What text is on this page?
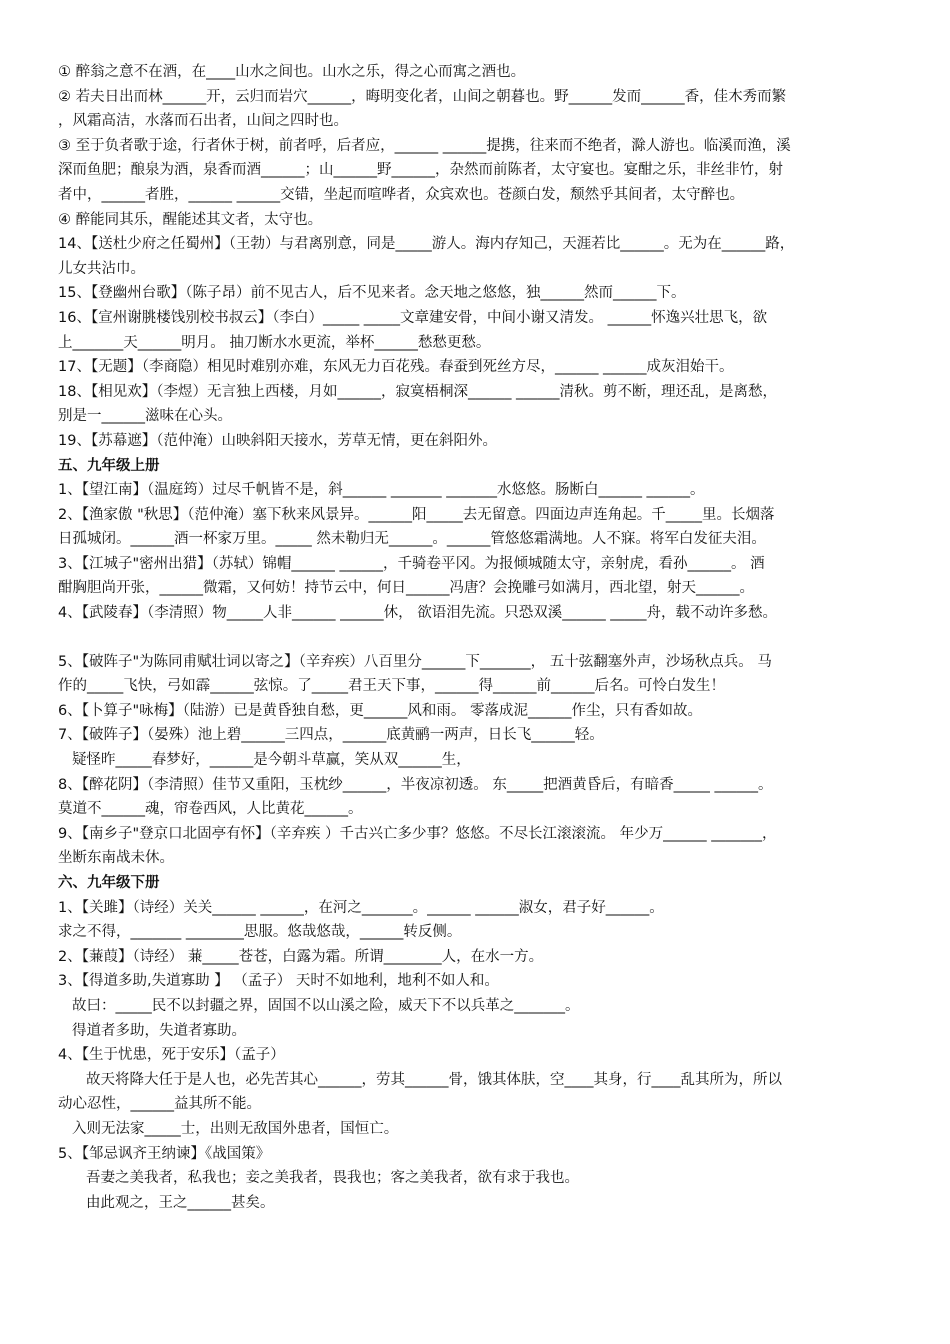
① 醉翁之意不在酒，在____山水之间也。山水之乐，得之心而寓之酒也。

② 若夫日出而林______开，云归而岩穴______，晦明变化者，山间之朝暮也。野______发而______香，佳木秀而繁

，风霜高洁，水落而石出者，山间之四时也。

③ 至于负者歌于途，行者休于树，前者呼，后者应，______ ______提携，往来而不绝者，滁人游也。临溪而渔，溪

深而鱼肥；酿泉为酒，泉香而酒______；山______野______，杂然而前陈者，太守宴也。宴酣之乐，非丝非竹，射

者中，______者胜，______ ______交错，坐起而喧哗者，众宾欢也。苍颜白发，颓然乎其间者，太守醉也。

④ 醉能同其乐，醒能述其文者，太守也。

14、【送杜少府之任蜀州】（王勃）与君离别意，同是_____游人。海内存知己，天涯若比______。无为在______路，

儿女共沾巾。

15、【登幽州台歌】（陈子昂）前不见古人，后不见来者。念天地之悠悠，独______然而______下。

16、【宣州谢朓楼饯别校书叔云】（李白）_____ _____文章建安骨，中间小谢又清发。 ______怀逸兴壮思飞，欲

上_______天______明月。 抽刀断水水更流，举杯______愁愁更愁。

17、【无题】（李商隐）相见时难别亦难，东风无力百花残。春蚕到死丝方尽，______ ______成灰泪始干。

18、【相见欢】（李煜）无言独上西楼，月如______，寂寞梧桐深______ ______清秋。剪不断，理还乱，是离愁，

别是一______滋味在心头。

19、【苏幕遮】（范仲淹）山映斜阳天接水，芳草无情，更在斜阳外。

五、九年级上册

1、【望江南】（温庭筠）过尽千帆皆不是，斜______ _______ _______水悠悠。肠断白______ ______。

2、【渔家傲 "秋思】（范仲淹）塞下秋来风景异。______阳_____去无留意。四面边声连角起。千_____里。长烟落

日孤城闭。______酒一杯家万里。_____ 然未勒归无______。______管悠悠霜满地。人不寐。将军白发征夫泪。

3、【江城子"密州出猎】（苏轼）锦帽______ ______，千骑卷平冈。为报倾城随太守，亲射虎，看孙______。 酒

酣胸胆尚开张，______微霜，又何妨！持节云中，何日______冯唐？会挽雕弓如满月，西北望，射天______。

4、【武陵春】（李清照）物_____人非______ ______休， 欲语泪先流。只恐双溪______ _____舟，载不动许多愁。

5、【破阵子"为陈同甫赋壮词以寄之】（辛弃疾）八百里分______下_______， 五十弦翻塞外声，沙场秋点兵。 马

作的_____飞快，弓如霹______弦惊。了_____君王天下事，______得______前______后名。可怜白发生！

6、【卜算子"咏梅】（陆游）已是黄昏独自愁，更______风和雨。 零落成泥______作尘，只有香如故。

7、【破阵子】（晏殊）池上碧______三四点，______底黄鹂一两声，日长飞______轻。

疑怪昨_____春梦好，______是今朝斗草赢，笑从双______生，

8、【醉花阴】（李清照）佳节又重阳，玉枕纱______，半夜凉初透。 东_____把酒黄昏后，有暗香_____ ______。

莫道不______魂，帘卷西风，人比黄花______。

9、【南乡子"登京口北固亭有怀】（辛弃疾 ）千古兴亡多少事？悠悠。不尽长江滚滚流。 年少万______ _______，

坐断东南战未休。

六、九年级下册

1、【关雎】（诗经）关关______ ______，在河之_______。______ ______淑女，君子好______。

求之不得，_______ ________思服。悠哉悠哉，______转反侧。

2、【蒹葭】（诗经） 蒹_____苍苍，白露为霜。所谓________人，在水一方。

3、【得道多助,失道寡助 】 （孟子） 天时不如地利，地利不如人和。

故曰：_____民不以封疆之界，固国不以山溪之险，威天下不以兵革之_______。

得道者多助，失道者寡助。

4、【生于忧患，死于安乐】（孟子）

故天将降大任于是人也，必先苦其心______，劳其______骨，饿其体肤，空____其身，行____乱其所为，所以

动心忍性，______益其所不能。

入则无法家_____士，出则无敌国外患者，国恒亡。

5、【邹忌讽齐王纳谏】《战国策》

吾妻之美我者，私我也；妾之美我者，畏我也；客之美我者，欲有求于我也。

由此观之，王之______甚矣。
